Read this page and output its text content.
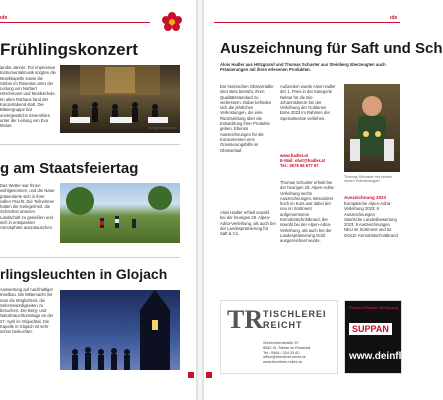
ıde
Frühlingskonzert
iprobe Jänner. Für impressive Instrumentalmusik sorgten die Musikkapelle sowie die Stefan im Rosental unter der Leitung von Norbert Hirschmann und Musikschule. Im alten Rathaus fand der Konzertabend statt. Die Bläsergruppe bot unvergessliche Ensembles unter der Leitung von Eva Moser.	Sonja Trautmann
g am Staatsfeiertag
Das Wetter war Ihnen wohlgesonnen, und die Natur präsentierte sich in ihrer vollen Pracht. Die Teilnehmer hatten die Gelegenheit, die Schönheit unseren Landschaft zu genießen und sich in entspannter Atmosphäre auszutauschen.
rlingsleuchten in Glojach
Auswertung auf nachhaltiger Inselbau. Bis Mittemacht mit man die Möglichkeit, die Sehenswürdigkeiten zu besuchen. Die Berg- und Naturbrauchtumstage an der 27. April im Glojachtal. Die Kapelle in Glojach ist sehr schön beleuchtet.
ıdе
Auszeichnung für Saft und Sch
Alois Hadler aus Hölzgrund und Thomas Schuster aus Steinberg überzeugten auch Prämierungen mit ihren erlesenen Produkten.
Die heimischen Obstverädler sind stets bemüht, ihren Qualitätsstandard zu verbessern. Dabei befinden sich die jährlichen Verkostungen, die eine Rückmeldung über die Entwicklung ihrer Produkte geben. Ebenso Auszeichnungen für die Konsumenten eine Orientierungshilfe im Obstverlauf.
Alois Hadler erhielt sowohl bei der heurigen 29. Alpen-Adria-Verleihung, als auch bei der Landesprämierung für Saft & Co.
Außerdem wurde Alois Hadler der 1. Preis in der Kategorie Nektar für die Bio-Johannisbeere bei der Verleihung der Goldenen Birne 2023 im Rahmen der Spezialmesse verliehen.
www.hadler.at
E-Mail: obst@hadler.at
Tel.: 0676 56 677 67
Thomas Schuster erhielt bei der heurigen 29. Alpen-Adria-Verleihung sechs Auszeichnungen. Besonders hoch im Kurs war dabei der neu im Sortiment aufgenommene Kernobstschnittbrand, der sowohl bei der Alpen-Adria-Verleihung, als auch bei der Landesprämierung Gold ausgezeichnet wurde.
Thomas Schuster mit seinen neuen Prämierungen.
Auszeichnung 2023
Europäische Alpen-Adria-Verleihung 2023: 6 Auszeichnungen
Steirische Landesbewertung 2023: 9 Auszeichnungen
NEU im Sortiment und 2x GOLD: Kernobstschnittbrand
TR TISCHLEREI
REICHT
Schlechkenstraße 57
8082 St. Stefan im Rosental
Tel.: 0664 / 324 53 60
office@tischlerei-reicht.at
www.tischlerei-reicht.at
Fliesen-Platten Verlegung
SUPPAN
www.deinfl
